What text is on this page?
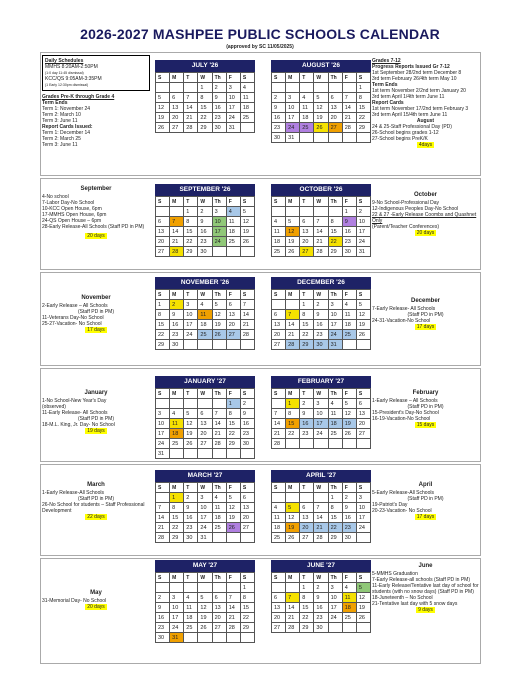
2026-2027 MASHPEE PUBLIC SCHOOLS CALENDAR
(approved by SC 11/05/2025)
Daily Schedules
MMHS 8:20AM-2:50PM
(1:0 day 11:45 dismissal)
KCC/QS 9:05AM-3:35PM
(1 Early 12:30pm dismissal)
Grades Pre-K through Grade 4
Term Ends
Term 1: November 24
Term 2: March 10
Term 3: June 11
Report Cards Issued:
Term 1: December 14
Term 2: March 25
Term 3: June 11
Grades 7-12
Progress Reports Issued Gr 7-12
1st September 28/2nd term December 8
3rd term February 26/4th term May 10
Term Ends
1st term November 2/2nd term January 20
3rd term April 1/4th term June 11
Report Cards
1st term November 17/2nd term February 3
3rd term April 15/4th term June 11
August
24 & 25-Staff Professional Day (PD)
26-School begins grades 1-12
27-School begins PreK/K
4days
September
4-No school
7-Labor Day-No School
10-KCC Open House, 6pm
17-MMHS Open House, 6pm
24-QS Open House – 6pm
28-Early Release-All Schools (Staff PD in PM)
20 days
October
9-No School-Professional Day
12-Indigenous Peoples Day-No School
22 & 27 -Early Release Coombs and Quashnet Only
(Parent/Teacher Conferences)
20 days
November
2-Early Release – All Schools
(Staff PD in PM)
11-Veterans Day-No School
25-27-Vacation- No School
17 days
December
7-Early Release- All Schools
(Staff PD in PM)
24-31-Vacation-No School
17 days
January
1-No School-New Year's Day
(observed)
11-Early Release- All Schools
(Staff PD in PM)
18-M.L. King, Jr. Day- No School
19 days
February
1-Early Release – All Schools
(Staff PD in PM)
15-President's Day-No School
16-19-Vacation-No School
15 days
March
1-Early Release-All Schools
(Staff PD in PM)
26-No School for students – Staff Professional Development
22 days
April
5-Early Release-All Schools
(Staff PD in PM)
19-Patriot's Day
20-23-Vacation- No School
17 days
May
31-Memorial Day- No School
20 days
June
5-MMHS Graduation
7-Early Release-all schools (Staff PD in PM)
11-Early Release/Tentative last day of school for students (with no snow days) (Staff PD in PM)
18-Juneteenth – No School
21-Tentative last day with 5 snow days
9 days
JULY '26
S	M	T	W	Th	F	S
			1	2	3	4
5	6	7	8	9	10	11
12	13	14	15	16	17	18
19	20	21	22	23	24	25
26	27	28	29	30	31	
AUGUST '26
S	M	T	W	Th	F	S
						1
2	3	4	5	6	7	8
9	10	11	12	13	14	15
16	17	18	19	20	21	22
23	24	25	26	27	28	29
30	31					
SEPTEMBER '26
S	M	T	W	Th	F	S
		1	2	3	4	5
6	7	8	9	10	11	12
13	14	15	16	17	18	19
20	21	22	23	24	25	26
27	28	29	30			
OCTOBER '26
S	M	T	W	Th	F	S
					1	2
4	5	6	7	8	9	10
11	12	13	14	15	16	17
18	19	20	21	22	23	24
25	26	27	28	29	30	31
NOVEMBER '26
S	M	T	W	Th	F	S
1	2	3	4	5	6	7
8	9	10	11	12	13	14
15	16	17	18	19	20	21
22	23	24	25	26	27	28
29	30					
DECEMBER '26
S	M	T	W	Th	F	S
		1	2	3	4	5
6	7	8	9	10	11	12
13	14	15	16	17	18	19
20	21	22	23	24	25	26
27	28	29	30	31		
JANUARY '27
S	M	T	W	Th	F	S
					1	2
3	4	5	6	7	8	9
10	11	12	13	14	15	16
17	18	19	20	21	22	23
24	25	26	27	28	29	30
31						
FEBRUARY '27
S	M	T	W	Th	F	S
	1	2	3	4	5	6
7	8	9	10	11	12	13
14	15	16	17	18	19	20
21	22	23	24	25	26	27
28						
MARCH '27
S	M	T	W	Th	F	S
	1	2	3	4	5	6
7	8	9	10	11	12	13
14	15	16	17	18	19	20
21	22	23	24	25	26	27
28	29	30	31			
APRIL '27
S	M	T	W	Th	F	S
				1	2	3
4	5	6	7	8	9	10
11	12	13	14	15	16	17
18	19	20	21	22	23	24
25	26	27	28	29	30	
MAY '27
S	M	T	W	Th	F	S
						1
2	3	4	5	6	7	8
9	10	11	12	13	14	15
16	17	18	19	20	21	22
23	24	25	26	27	28	29
30	31					
JUNE '27
S	M	T	W	Th	F	S
		1	2	3	4	5
6	7	8	9	10	11	12
13	14	15	16	17	18	19
20	21	22	23	24	25	26
27	28	29	30			
